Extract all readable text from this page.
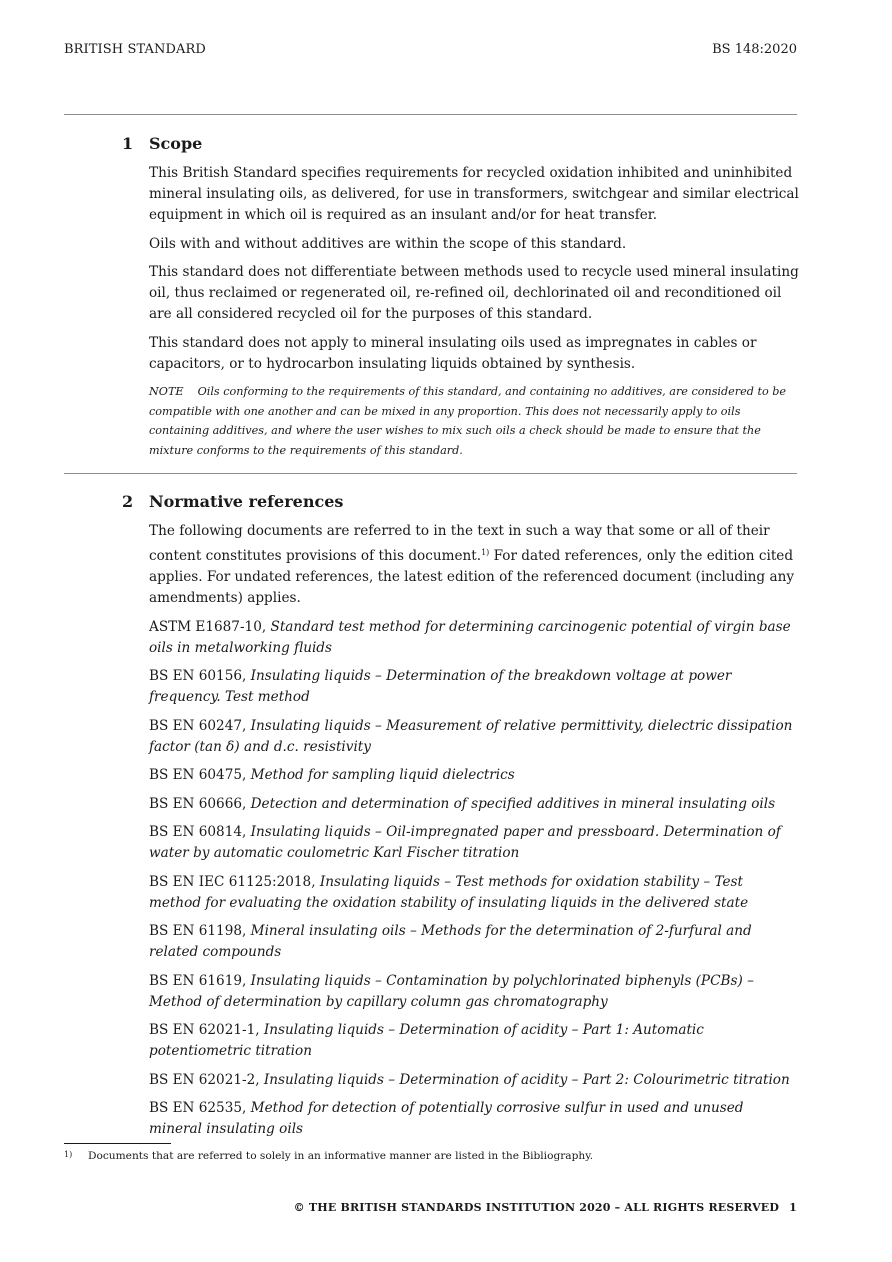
BRITISH STANDARD	BS 148:2020
1 Scope

This British Standard specifies requirements for recycled oxidation inhibited and uninhibited mineral insulating oils, as delivered, for use in transformers, switchgear and similar electrical equipment in which oil is required as an insulant and/or for heat transfer.

Oils with and without additives are within the scope of this standard.

This standard does not differentiate between methods used to recycle used mineral insulating oil, thus reclaimed or regenerated oil, re-refined oil, dechlorinated oil and reconditioned oil are all considered recycled oil for the purposes of this standard.

This standard does not apply to mineral insulating oils used as impregnates in cables or capacitors, or to hydrocarbon insulating liquids obtained by synthesis.

NOTE Oils conforming to the requirements of this standard, and containing no additives, are considered to be compatible with one another and can be mixed in any proportion. This does not necessarily apply to oils containing additives, and where the user wishes to mix such oils a check should be made to ensure that the mixture conforms to the requirements of this standard.

2 Normative references

The following documents are referred to in the text in such a way that some or all of their content constitutes provisions of this document.$^{1)}$ For dated references, only the edition cited applies. For undated references, the latest edition of the referenced document (including any amendments) applies.

ASTM E1687-10, Standard test method for determining carcinogenic potential of virgin base oils in metalworking fluids

BS EN 60156, Insulating liquids – Determination of the breakdown voltage at power frequency. Test method

BS EN 60247, Insulating liquids – Measurement of relative permittivity, dielectric dissipation factor (tan δ) and d.c. resistivity

BS EN 60475, Method for sampling liquid dielectrics

BS EN 60666, Detection and determination of specified additives in mineral insulating oils

BS EN 60814, Insulating liquids – Oil-impregnated paper and pressboard. Determination of water by automatic coulometric Karl Fischer titration

BS EN IEC 61125:2018, Insulating liquids – Test methods for oxidation stability – Test method for evaluating the oxidation stability of insulating liquids in the delivered state

BS EN 61198, Mineral insulating oils – Methods for the determination of 2-furfural and related compounds

BS EN 61619, Insulating liquids – Contamination by polychlorinated biphenyls (PCBs) – Method of determination by capillary column gas chromatography

BS EN 62021-1, Insulating liquids – Determination of acidity – Part 1: Automatic potentiometric titration

BS EN 62021-2, Insulating liquids – Determination of acidity – Part 2: Colourimetric titration

BS EN 62535, Method for detection of potentially corrosive sulfur in used and unused mineral insulating oils

1) Documents that are referred to solely in an informative manner are listed in the Bibliography.
© THE BRITISH STANDARDS INSTITUTION 2020 – ALL RIGHTS RESERVED 1
